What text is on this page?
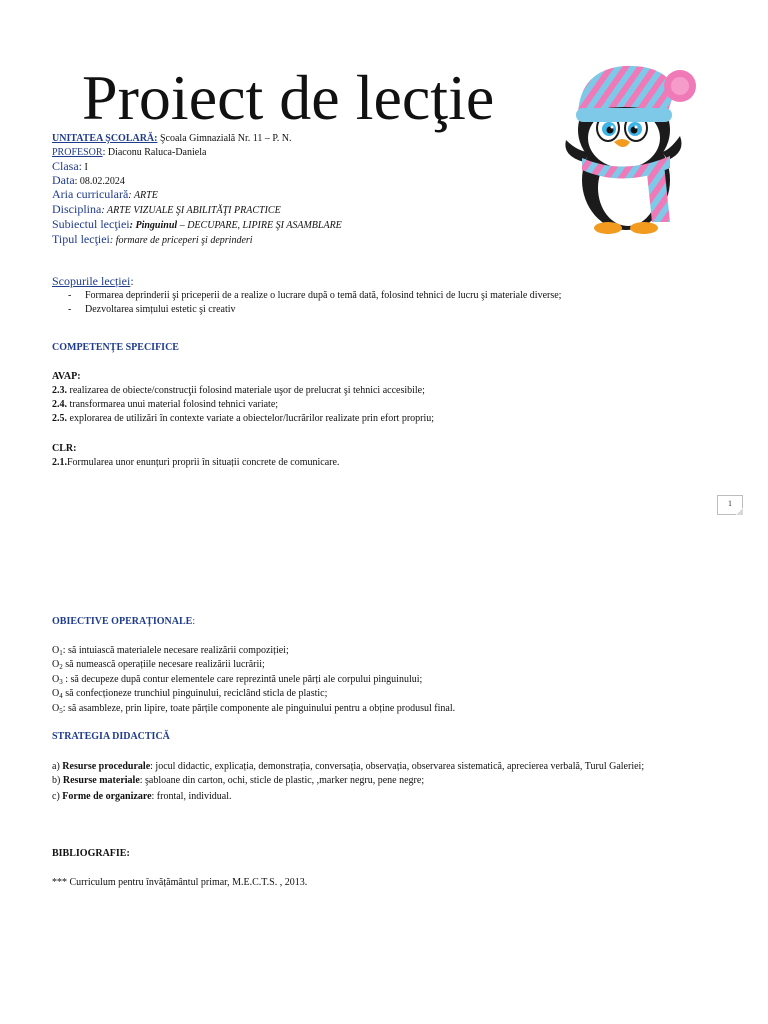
Proiect de lecţie
UNITATEA ŞCOLARĂ: Şcoala Gimnazială Nr. 11 – P. N.
PROFESOR: Diaconu Raluca-Daniela
Clasa: I
Data: 08.02.2024
Aria curriculară: ARTE
Disciplina: ARTE VIZUALE ŞI ABILITĂŢI PRACTICE
Subiectul lecţiei: Pinguinul – DECUPARE, LIPIRE ŞI ASAMBLARE
Tipul lecţiei: formare de priceperi şi deprinderi
Scopurile lecției:
- Formarea deprinderii şi priceperii de a realize o lucrare după o temă dată, folosind tehnici de lucru şi materiale diverse;
- Dezvoltarea simțului estetic şi creativ
COMPETENȚE SPECIFICE
AVAP:
2.3. realizarea de obiecte/construcţii folosind materiale uşor de prelucrat şi tehnici accesibile;
2.4. transformarea unui material folosind tehnici variate;
2.5. explorarea de utilizări în contexte variate a obiectelor/lucrărilor realizate prin efort propriu;
CLR:
2.1.Formularea unor enunțuri proprii în situații concrete de comunicare.
1
OBIECTIVE OPERAȚIONALE:
$O_1$: să intuiască materialele necesare realizării compoziției;
$O_2$ să numească operațiile necesare realizării lucrării;
$O_3$ : să decupeze după contur elementele care reprezintă unele părți ale corpului pinguinului;
$O_4$ să confecționeze trunchiul pinguinului, reciclând sticla de plastic;
$O_5$: să asambleze, prin lipire, toate părțile componente ale pinguinului pentru a obține produsul final.
STRATEGIA DIDACTICĂ
a) Resurse procedurale: jocul didactic, explicația, demonstrația, conversația, observația, observarea sistematică, aprecierea verbală, Turul Galeriei;
b) Resurse materiale: şabloane din carton, ochi, sticle de plastic, ,marker negru, pene negre;
c) Forme de organizare: frontal, individual.
BIBLIOGRAFIE:
*** Curriculum pentru învățământul primar, M.E.C.T.S. , 2013.
